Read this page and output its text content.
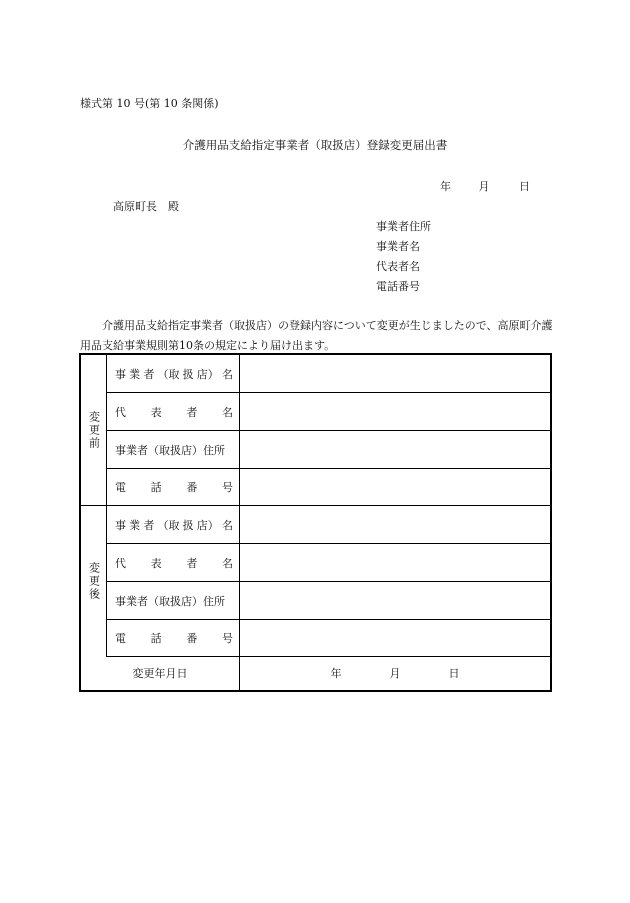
様式第 10 号(第 10 条関係)
介護用品支給指定事業者（取扱店）登録変更届出書
年	月	日
高原町長　殿
事業者住所
事業者名
代表者名
電話番号
介護用品支給指定事業者（取扱店）の登録内容について変更が生じましたので、高原町介護用品支給事業規則第10条の規定により届け出ます。
変更前
事 業 者 （取 扱 店） 名
代 表 者 名
事業者（取扱店）住所
電 話 番 号
変更後
事 業 者 （取 扱 店） 名
代 表 者 名
事業者（取扱店）住所
電 話 番 号
変更年月日	年	月	日
